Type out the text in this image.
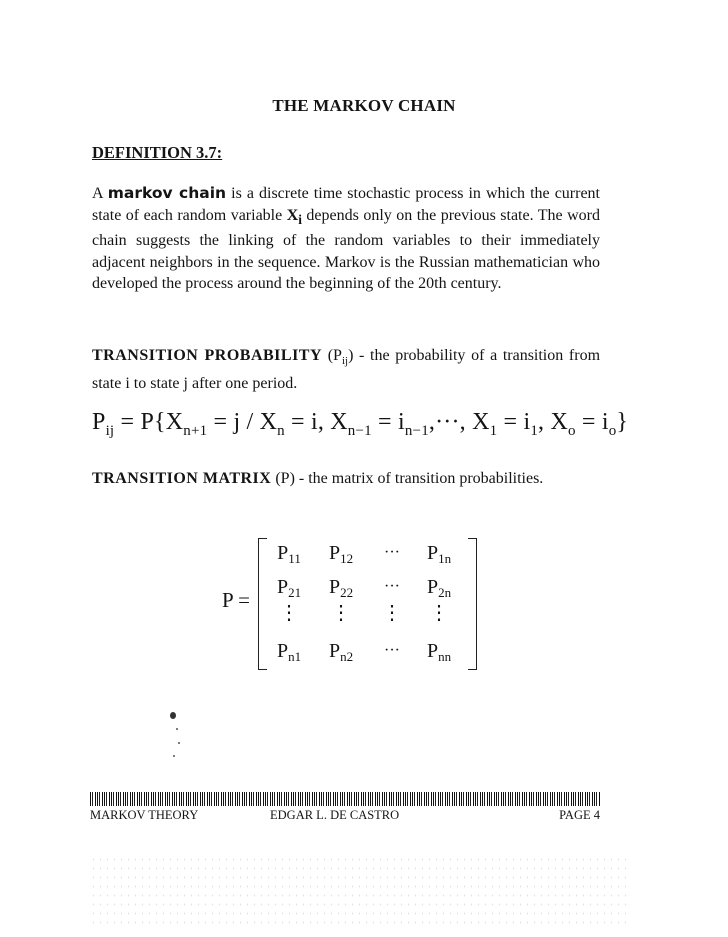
THE MARKOV CHAIN
DEFINITION 3.7:
A markov chain is a discrete time stochastic process in which the current state of each random variable $X_i$ depends only on the previous state. The word chain suggests the linking of the random variables to their immediately adjacent neighbors in the sequence. Markov is the Russian mathematician who developed the process around the beginning of the 20th century.
TRANSITION PROBABILITY $(P_{ij})$ - the probability of a transition from state i to state j after one period.
$P_{ij} = P\{X_{n+1} = j / X_n = i$, $X_{n-1} = i_{n-1},\cdot\cdot\cdot$, $X_1 = i_1$, $X_o = i_o$}
TRANSITION MATRIX (P) - the matrix of transition probabilities.
P =
$P_{11}$	$P_{12}$	···	$P_{1n}$
$P_{21}$	$P_{22}$	···	$P_{2n}$
⋮	⋮	⋮	⋮
$P_{n1}$	$P_{n2}$	···	$P_{nn}$
MARKOV THEORY	EDGAR L. DE CASTRO	PAGE 4
